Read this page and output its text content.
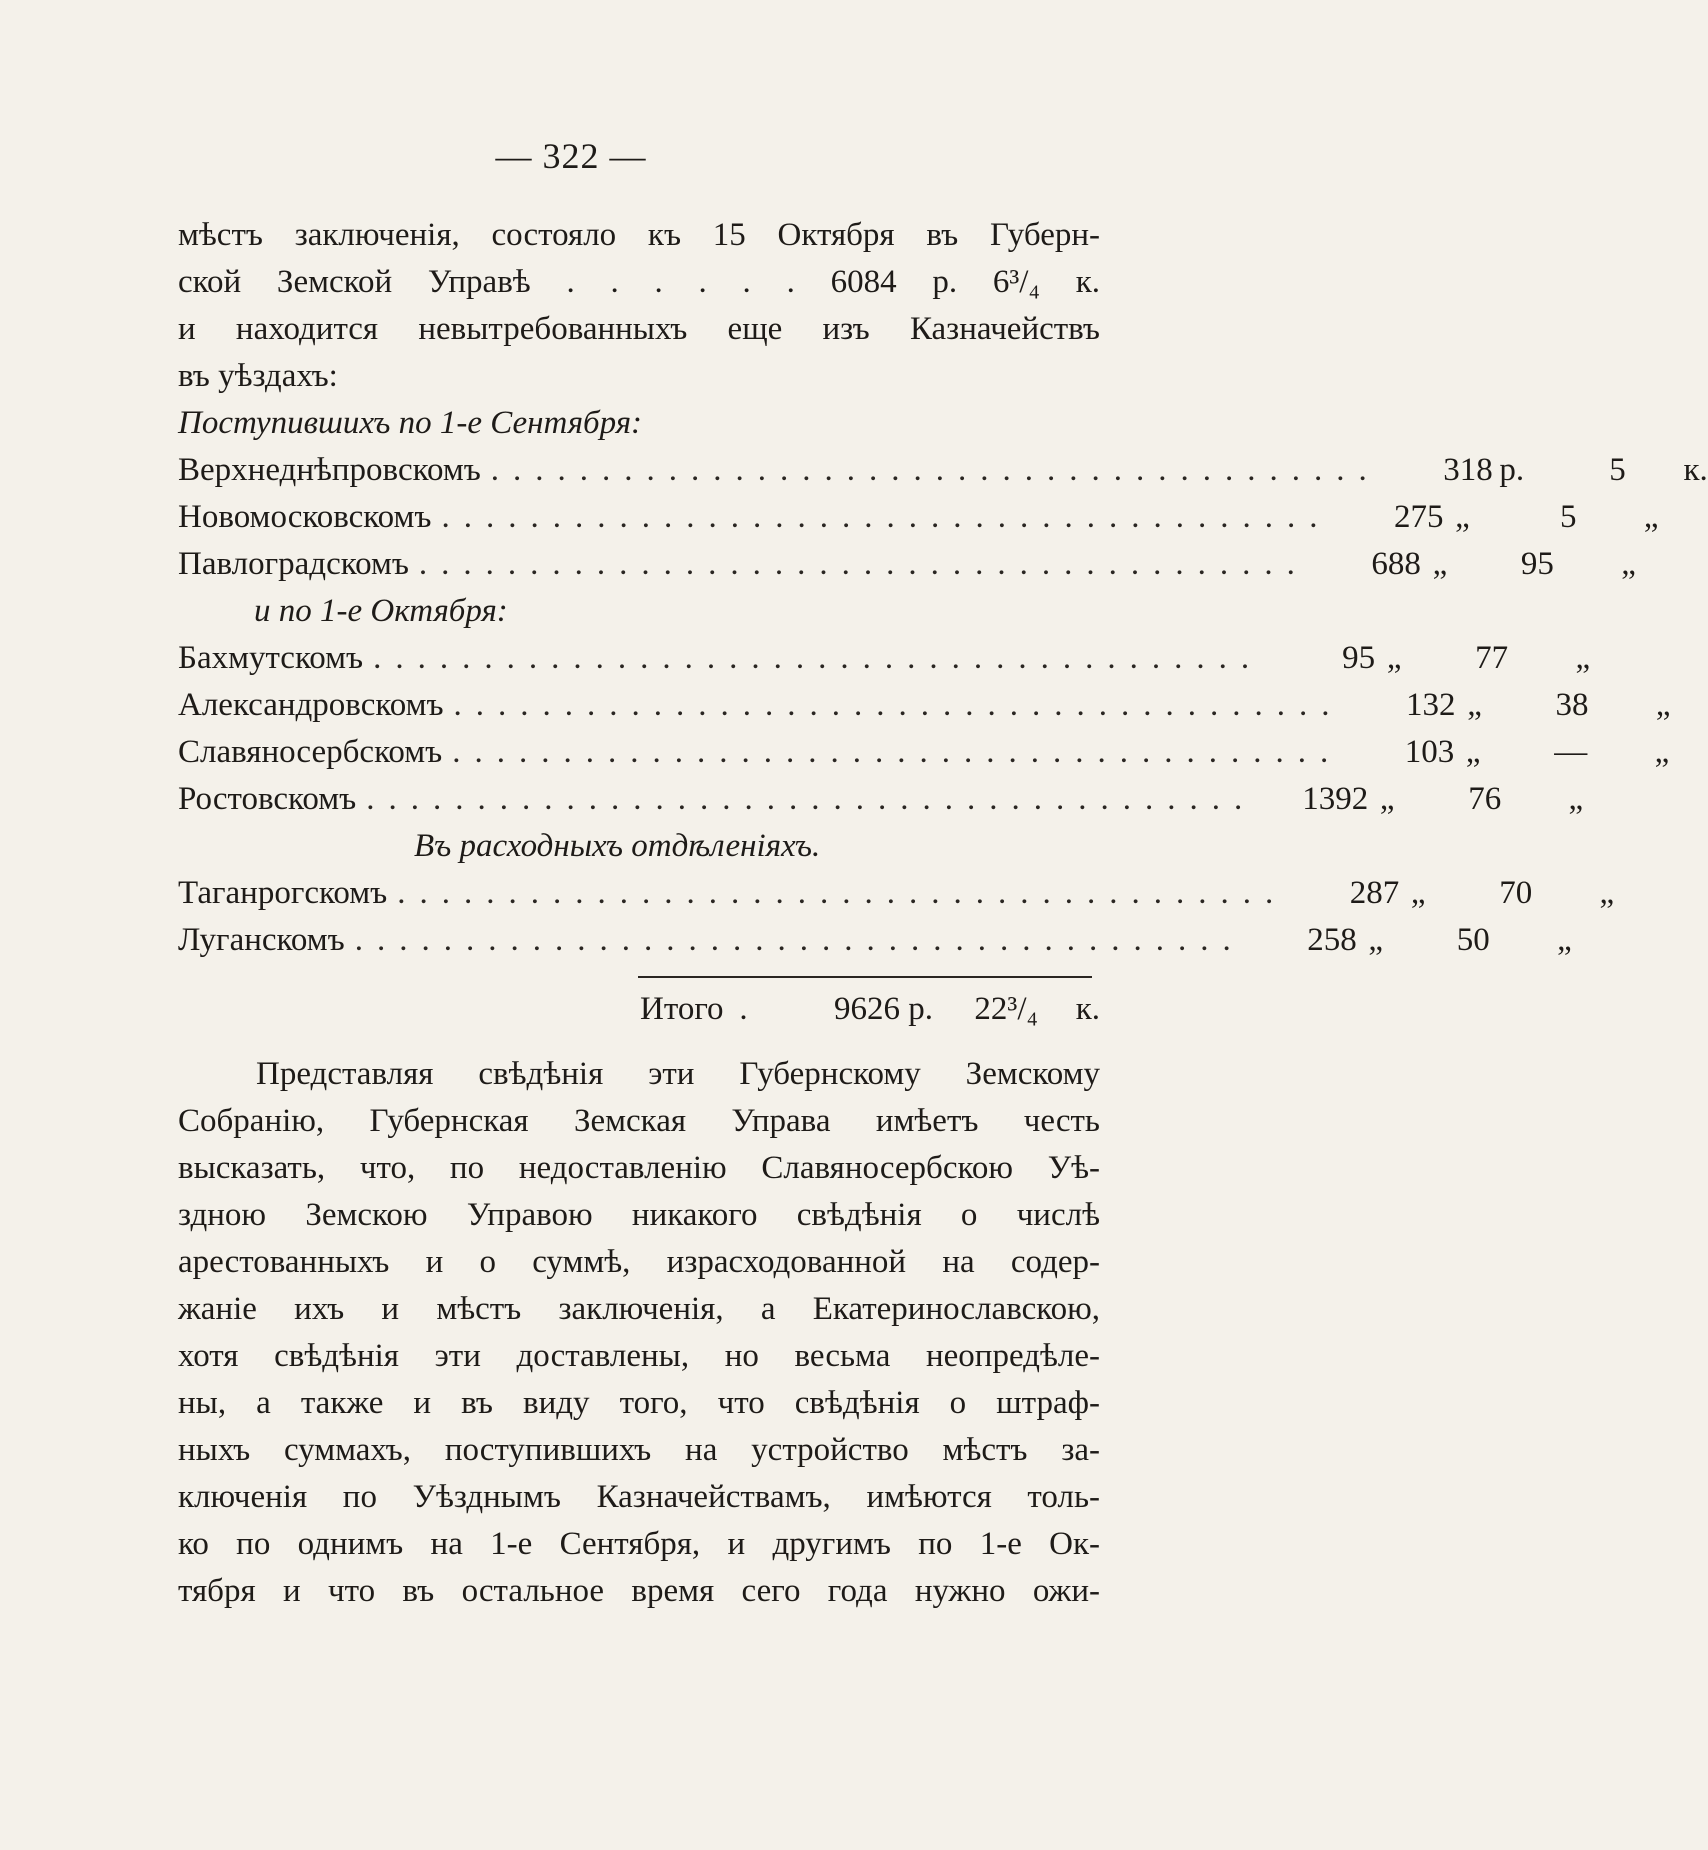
— 322 —
мѣстъ заключенія, состояло къ 15 Октября въ Губерн-
ской Земской Управѣ . . . . . . 6084 р. 6³/₄ к.
и находится невытребованныхъ еще изъ Казначействъ
въ уѣздахъ:
Поступившихъ по 1-е Сентября:
Верхнеднѣпровскомъ ........................................	318 р.	5	к.
Новомосковскомъ ........................................	275 „	5	„
Павлоградскомъ ........................................	688 „	95	„
и по 1-е Октября:
Бахмутскомъ ........................................	95 „	77	„
Александровскомъ ........................................	132 „	38	„
Славяносербскомъ ........................................	103 „	—	„
Ростовскомъ ........................................	1392 „	76	„
Въ расходныхъ отдѣленіяхъ.
Таганрогскомъ ........................................	287 „	70	„
Луганскомъ ........................................	258 „	50	„
Итого .	9626 р.	22³/₄	к.
Представляя свѣдѣнія эти Губернскому Земскому
Собранію, Губернская Земская Управа имѣетъ честь
высказать, что, по недоставленію Славяносербскою Уѣ-
здною Земскою Управою никакого свѣдѣнія о числѣ
арестованныхъ и о суммѣ, израсходованной на содер-
жаніе ихъ и мѣстъ заключенія, а Екатеринославскою,
хотя свѣдѣнія эти доставлены, но весьма неопредѣле-
ны, а также и въ виду того, что свѣдѣнія о штраф-
ныхъ суммахъ, поступившихъ на устройство мѣстъ за-
ключенія по Уѣзднымъ Казначействамъ, имѣются толь-
ко по однимъ на 1-е Сентября, и другимъ по 1-е Ок-
тября и что въ остальное время сего года нужно ожи-
